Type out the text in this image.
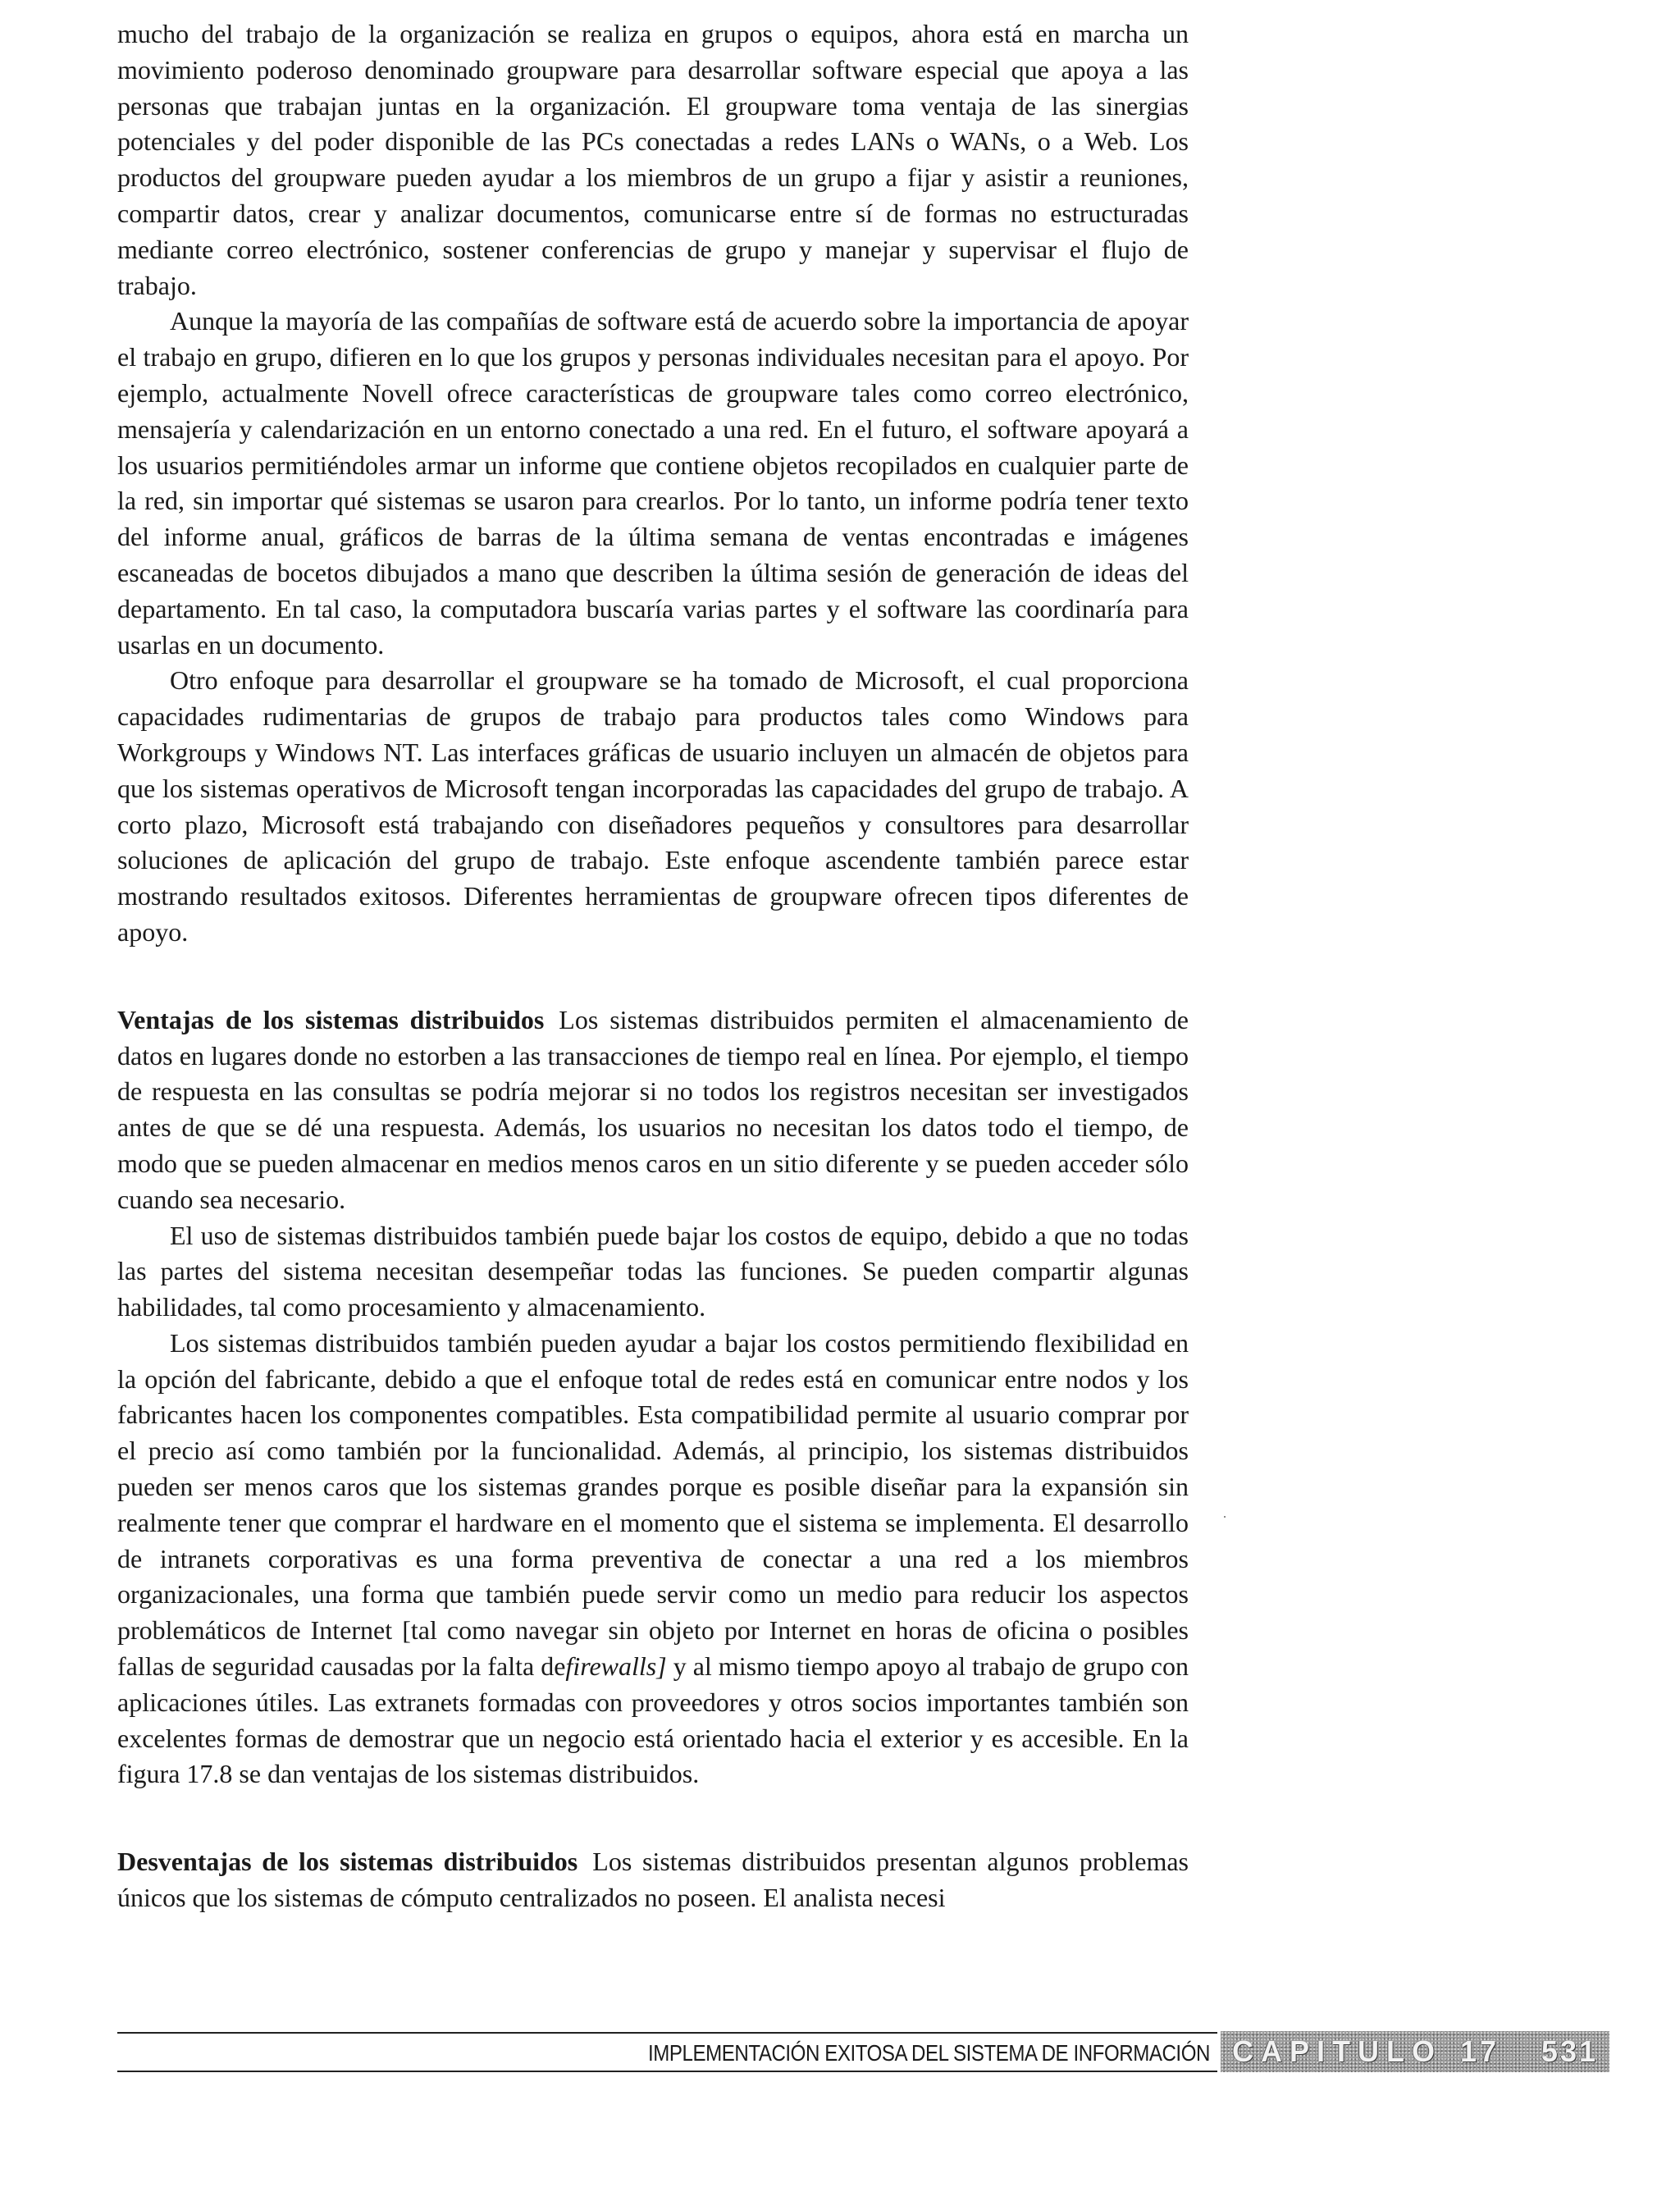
mucho del trabajo de la organización se realiza en grupos o equipos, ahora está en marcha un movimiento poderoso denominado groupware para desarrollar software especial que apoya a las personas que trabajan juntas en la organización. El groupware toma ventaja de las sinergias potenciales y del poder disponible de las PCs conectadas a redes LANs o WANs, o a Web. Los productos del groupware pueden ayudar a los miembros de un grupo a fijar y asistir a reuniones, compartir datos, crear y analizar documentos, comunicarse entre sí de formas no estructuradas mediante correo electrónico, sostener conferencias de grupo y manejar y supervisar el flujo de trabajo.

Aunque la mayoría de las compañías de software está de acuerdo sobre la importancia de apoyar el trabajo en grupo, difieren en lo que los grupos y personas individuales necesitan para el apoyo. Por ejemplo, actualmente Novell ofrece características de groupware tales como correo electrónico, mensajería y calendarización en un entorno conectado a una red. En el futuro, el software apoyará a los usuarios permitiéndoles armar un informe que contiene objetos recopilados en cualquier parte de la red, sin importar qué sistemas se usaron para crearlos. Por lo tanto, un informe podría tener texto del informe anual, gráficos de barras de la última semana de ventas encontradas e imágenes escaneadas de bocetos dibujados a mano que describen la última sesión de generación de ideas del departamento. En tal caso, la computadora buscaría varias partes y el software las coordinaría para usarlas en un documento.

Otro enfoque para desarrollar el groupware se ha tomado de Microsoft, el cual proporciona capacidades rudimentarias de grupos de trabajo para productos tales como Windows para Workgroups y Windows NT. Las interfaces gráficas de usuario incluyen un almacén de objetos para que los sistemas operativos de Microsoft tengan incorporadas las capacidades del grupo de trabajo. A corto plazo, Microsoft está trabajando con diseñadores pequeños y consultores para desarrollar soluciones de aplicación del grupo de trabajo. Este enfoque ascendente también parece estar mostrando resultados exitosos. Diferentes herramientas de groupware ofrecen tipos diferentes de apoyo.

Ventajas de los sistemas distribuidos Los sistemas distribuidos permiten el almacenamiento de datos en lugares donde no estorben a las transacciones de tiempo real en línea. Por ejemplo, el tiempo de respuesta en las consultas se podría mejorar si no todos los registros necesitan ser investigados antes de que se dé una respuesta. Además, los usuarios no necesitan los datos todo el tiempo, de modo que se pueden almacenar en medios menos caros en un sitio diferente y se pueden acceder sólo cuando sea necesario.

El uso de sistemas distribuidos también puede bajar los costos de equipo, debido a que no todas las partes del sistema necesitan desempeñar todas las funciones. Se pueden compartir algunas habilidades, tal como procesamiento y almacenamiento.

Los sistemas distribuidos también pueden ayudar a bajar los costos permitiendo flexibilidad en la opción del fabricante, debido a que el enfoque total de redes está en comunicar entre nodos y los fabricantes hacen los componentes compatibles. Esta compatibilidad permite al usuario comprar por el precio así como también por la funcionalidad. Además, al principio, los sistemas distribuidos pueden ser menos caros que los sistemas grandes porque es posible diseñar para la expansión sin realmente tener que comprar el hardware en el momento que el sistema se implementa. El desarrollo de intranets corporativas es una forma preventiva de conectar a una red a los miembros organizacionales, una forma que también puede servir como un medio para reducir los aspectos problemáticos de Internet [tal como navegar sin objeto por Internet en horas de oficina o posibles fallas de seguridad causadas por la falta defirewalls] y al mismo tiempo apoyo al trabajo de grupo con aplicaciones útiles. Las extranets formadas con proveedores y otros socios importantes también son excelentes formas de demostrar que un negocio está orientado hacia el exterior y es accesible. En la figura 17.8 se dan ventajas de los sistemas distribuidos.

Desventajas de los sistemas distribuidos Los sistemas distribuidos presentan algunos problemas únicos que los sistemas de cómputo centralizados no poseen. El analista necesi

IMPLEMENTACIÓN EXITOSA DEL SISTEMA DE INFORMACIÓN CAPITULO 17 531
